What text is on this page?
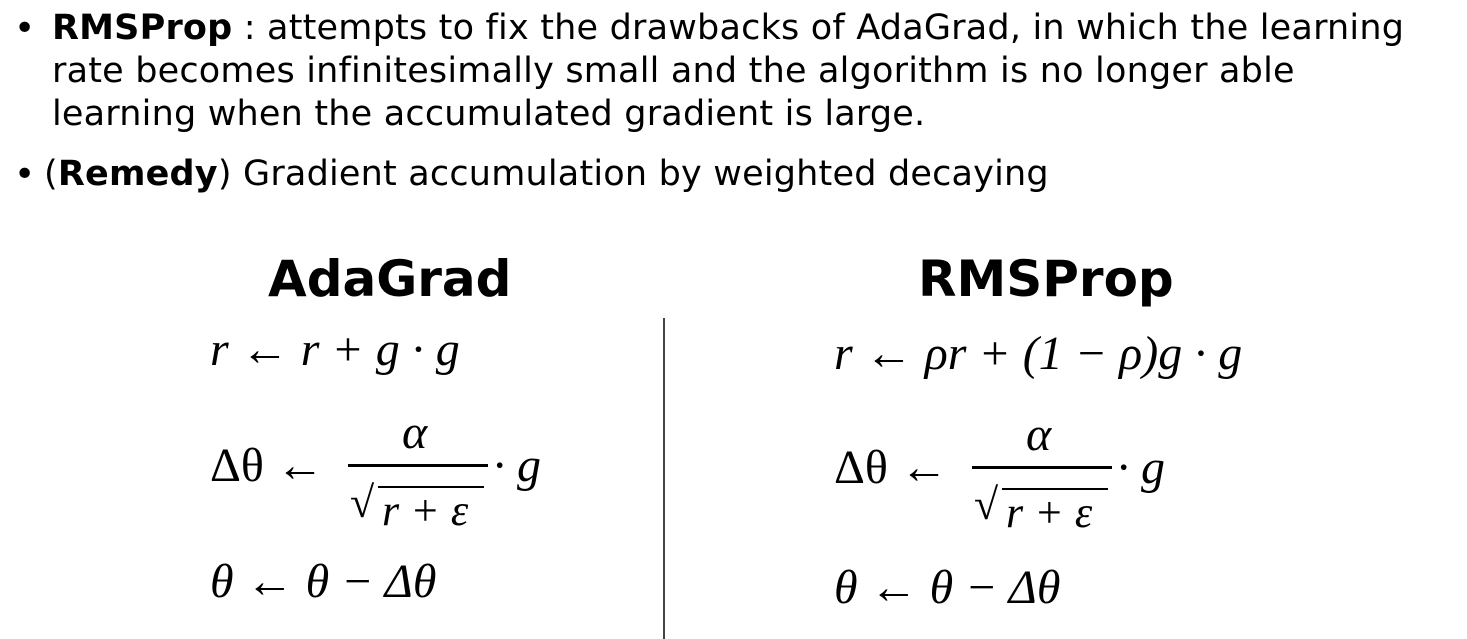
• RMSProp : attempts to fix the drawbacks of AdaGrad, in which the learning
rate becomes infinitesimally small and the algorithm is no longer able
learning when the accumulated gradient is large.
• (Remedy) Gradient accumulation by weighted decaying
AdaGrad	RMSProp
r ← r + g · g
Δθ ←
α
√ r + ε
· g
θ ← θ − Δθ
r ← ρr + (1 − ρ)g · g
Δθ ←
α
√ r + ε
· g
θ ← θ − Δθ
